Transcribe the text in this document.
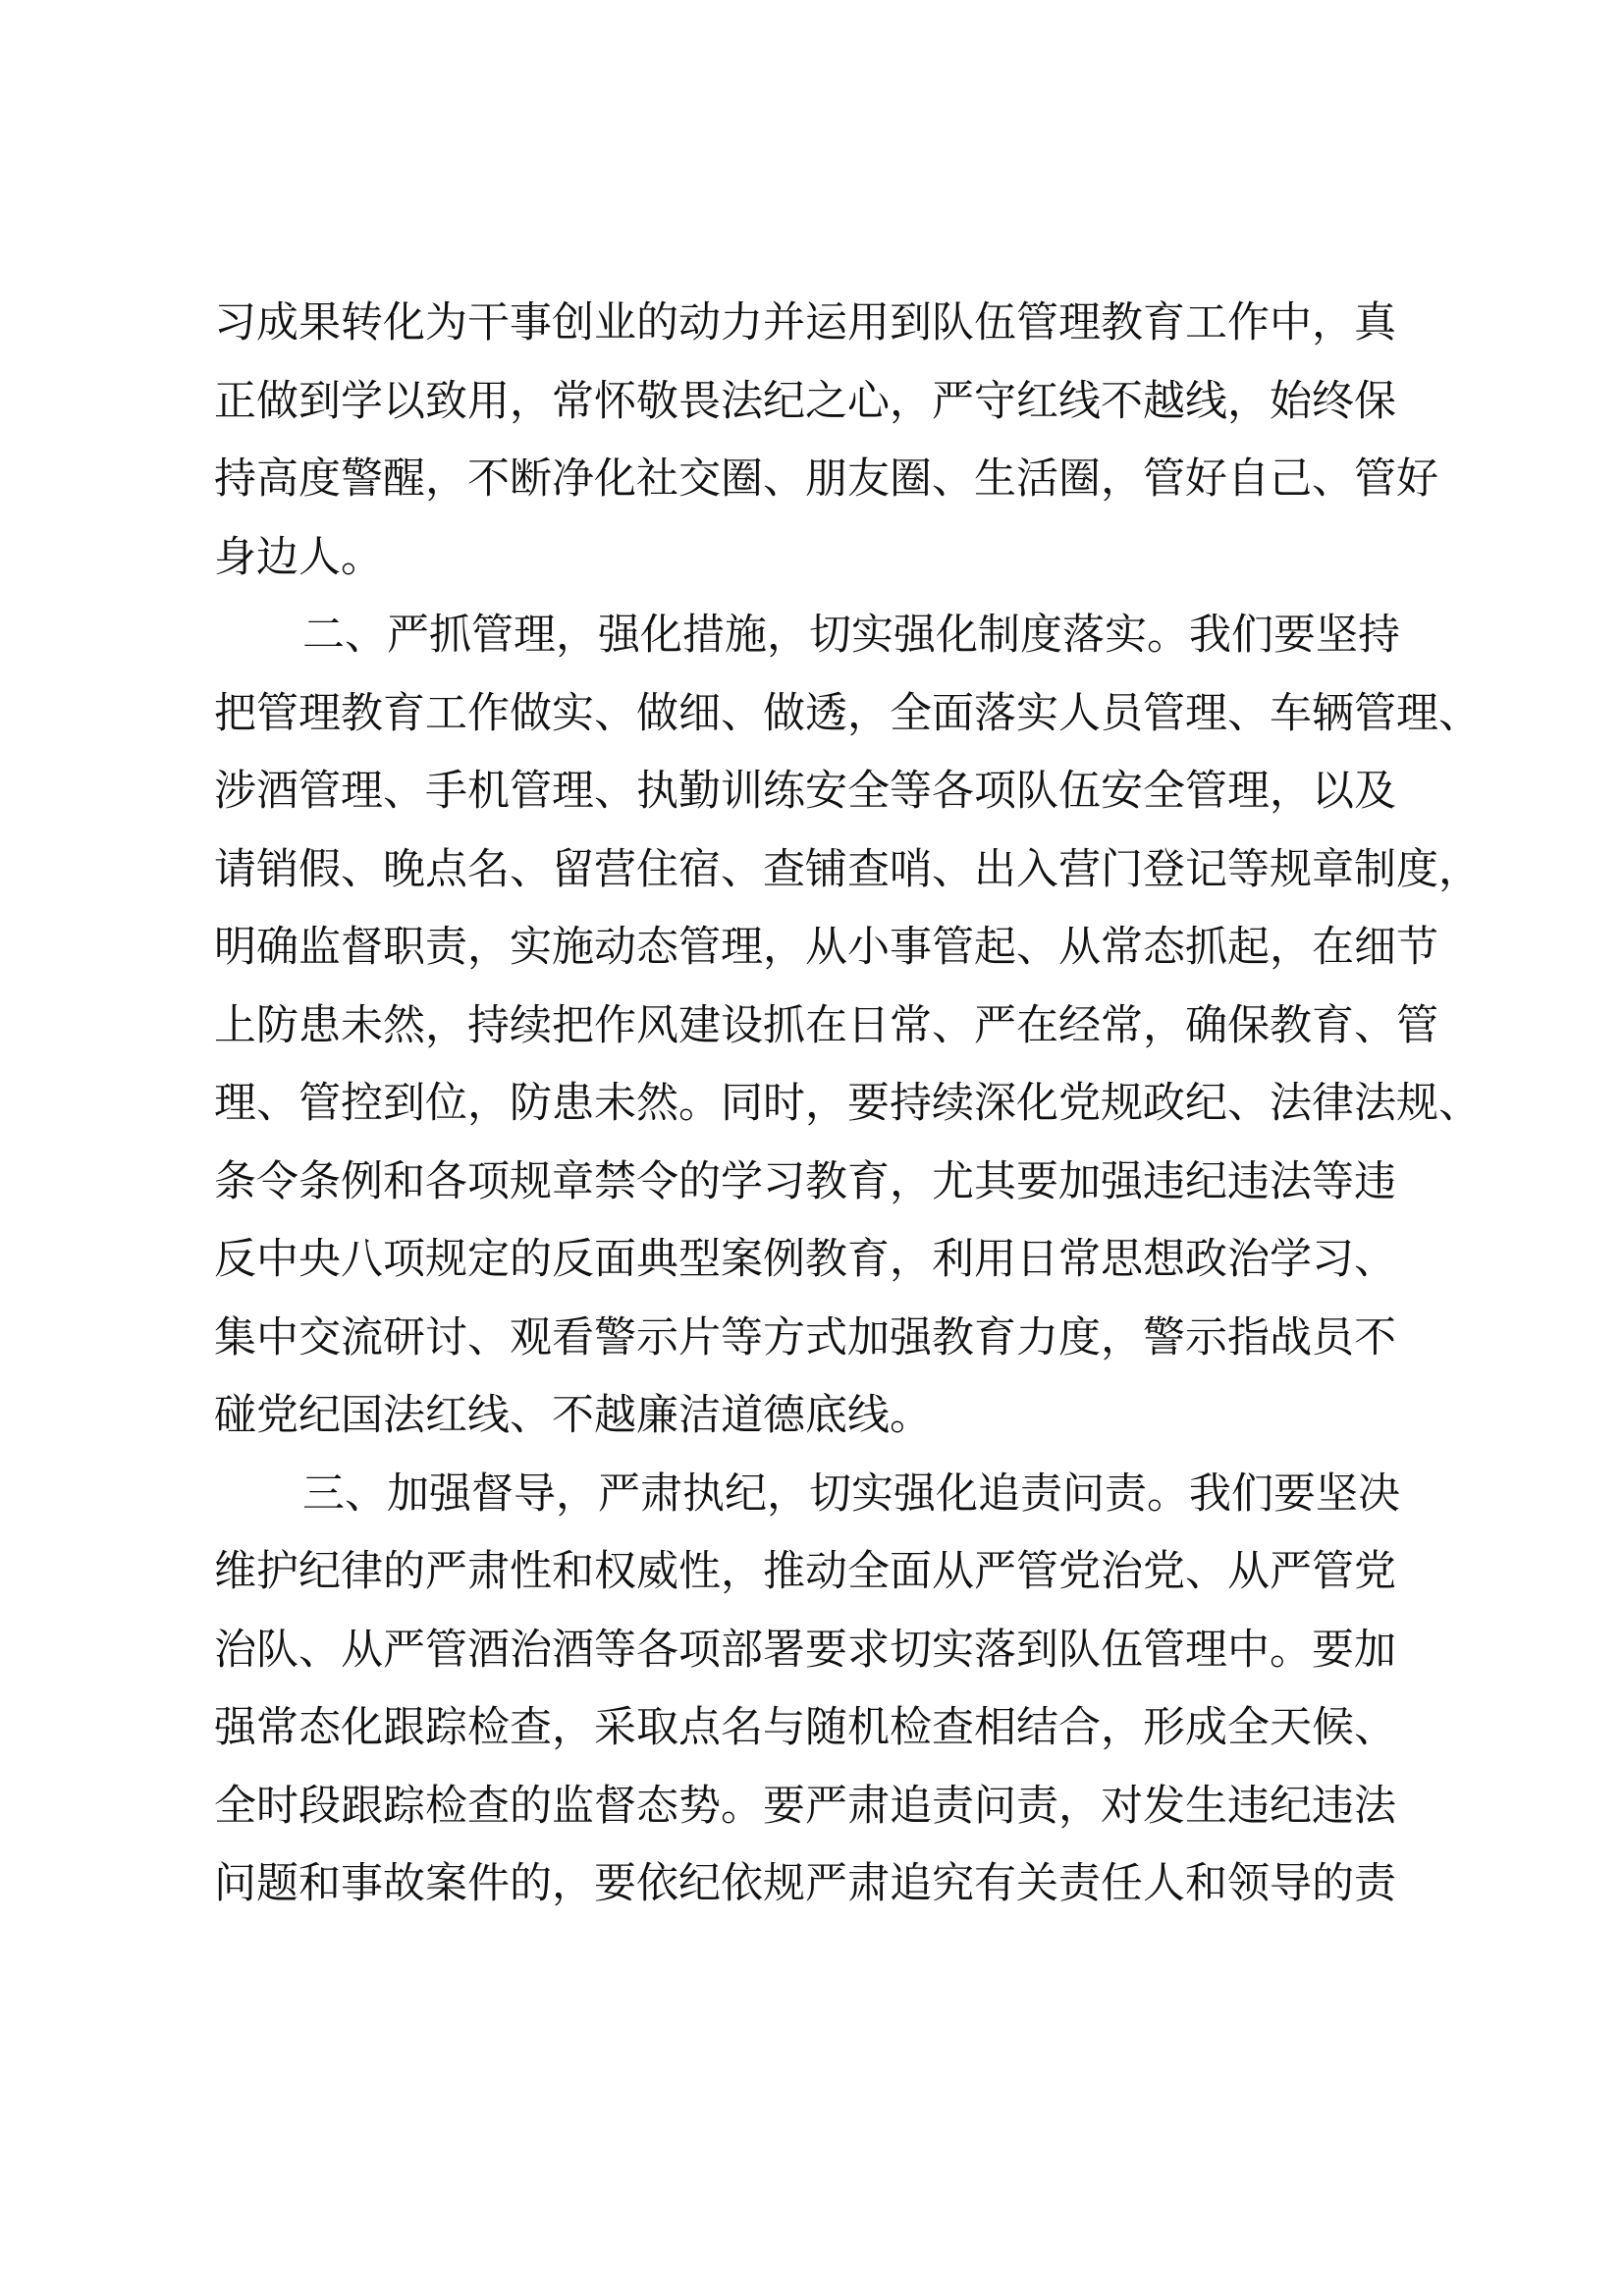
习成果转化为干事创业的动力并运用到队伍管理教育工作中，真
正做到学以致用，常怀敬畏法纪之心，严守红线不越线，始终保
持高度警醒，不断净化社交圈、朋友圈、生活圈，管好自己、管好
身边人。
二、严抓管理，强化措施，切实强化制度落实。我们要坚持
把管理教育工作做实、做细、做透，全面落实人员管理、车辆管理、
涉酒管理、手机管理、执勤训练安全等各项队伍安全管理，以及
请销假、晚点名、留营住宿、查铺查哨、出入营门登记等规章制度，
明确监督职责，实施动态管理，从小事管起、从常态抓起，在细节
上防患未然，持续把作风建设抓在日常、严在经常，确保教育、管
理、管控到位，防患未然。同时，要持续深化党规政纪、法律法规、
条令条例和各项规章禁令的学习教育，尤其要加强违纪违法等违
反中央八项规定的反面典型案例教育，利用日常思想政治学习、
集中交流研讨、观看警示片等方式加强教育力度，警示指战员不
碰党纪国法红线、不越廉洁道德底线。
三、加强督导，严肃执纪，切实强化追责问责。我们要坚决
维护纪律的严肃性和权威性，推动全面从严管党治党、从严管党
治队、从严管酒治酒等各项部署要求切实落到队伍管理中。要加
强常态化跟踪检查，采取点名与随机检查相结合，形成全天候、
全时段跟踪检查的监督态势。要严肃追责问责，对发生违纪违法
问题和事故案件的，要依纪依规严肃追究有关责任人和领导的责
